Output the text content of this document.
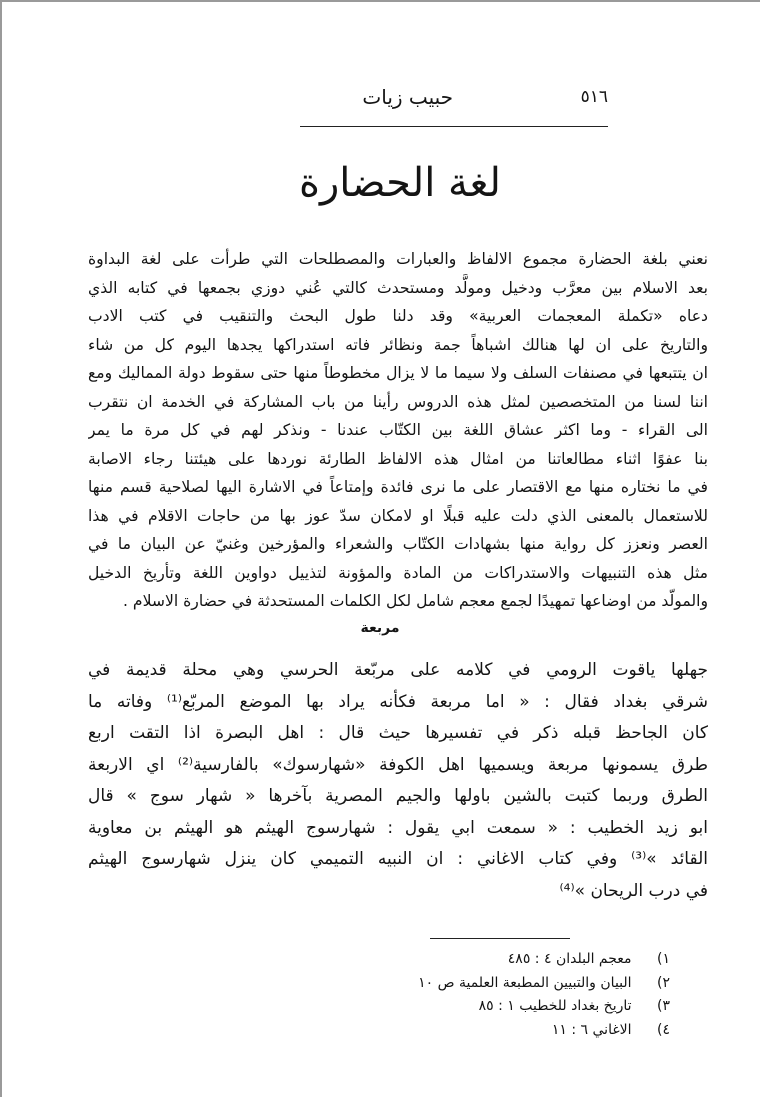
٥١٦
حبيب زيات
لغة الحضارة
نعني بلغة الحضارة مجموع الالفاظ والعبارات والمصطلحات التي طرأت على لغة البداوة
بعد الاسلام بين معرَّب ودخيل ومولَّد ومستحدث كالتي عُني دوزي بجمعها في كتابه الذي
دعاه «تكملة المعجمات العربية» وقد دلنا طول البحث والتنقيب في كتب الادب
والتاريخ على ان لها هنالك اشباهاً جمة ونظائر فاته استدراكها يجدها اليوم كل من شاء
ان يتتبعها في مصنفات السلف ولا سيما ما لا يزال مخطوطاً منها حتى سقوط دولة المماليك ومع
اننا لسنا من المتخصصين لمثل هذه الدروس رأينا من باب المشاركة في الخدمة ان نتقرب
الى القراء - وما اكثر عشاق اللغة بين الكتّاب عندنا - ونذكر لهم في كل مرة ما يمر
بنا عفوًا اثناء مطالعاتنا من امثال هذه الالفاظ الطارئة نوردها على هيئتنا رجاء الاصابة
في ما نختاره منها مع الاقتصار على ما نرى فائدة وإمتاعاً في الاشارة اليها لصلاحية قسم منها
للاستعمال بالمعنى الذي دلت عليه قبلًا او لامكان سدّ عوز بها من حاجات الاقلام في هذا
العصر ونعزز كل رواية منها بشهادات الكتّاب والشعراء والمؤرخين وغنيّ عن البيان ما في
مثل هذه التنبيهات والاستدراكات من المادة والمؤونة لتذييل دواوين اللغة وتأريخ الدخيل
والمولّد من اوضاعها تمهيدًا لجمع معجم شامل لكل الكلمات المستحدثة في حضارة الاسلام .
مربعة
جهلها ياقوت الرومي في كلامه على مربّعة الحرسي وهي محلة قديمة في
شرقي بغداد فقال : « اما مربعة فكأنه يراد بها الموضع المربّع⁽¹⁾ وفاته ما
كان الجاحظ قبله ذكر في تفسيرها حيث قال : اهل البصرة اذا التقت اربع
طرق يسمونها مربعة ويسميها اهل الكوفة «شهارسوك» بالفارسية⁽²⁾ اي الاربعة
الطرق وربما كتبت بالشين باولها والجيم المصرية بآخرها « شهار سوج » قال
ابو زيد الخطيب : « سمعت ابي يقول : شهارسوج الهيثم هو الهيثم بن معاوية
القائد »⁽³⁾ وفي كتاب الاغاني : ان النبيه التميمي كان ينزل شهارسوج الهيثم
في درب الريحان »⁽⁴⁾
١) معجم البلدان ٤ : ٤٨٥
٢) البيان والتبيين المطبعة العلمية ص ١٠
٣) تاريخ بغداد للخطيب ١ : ٨٥
٤) الاغاني ٦ : ١١
